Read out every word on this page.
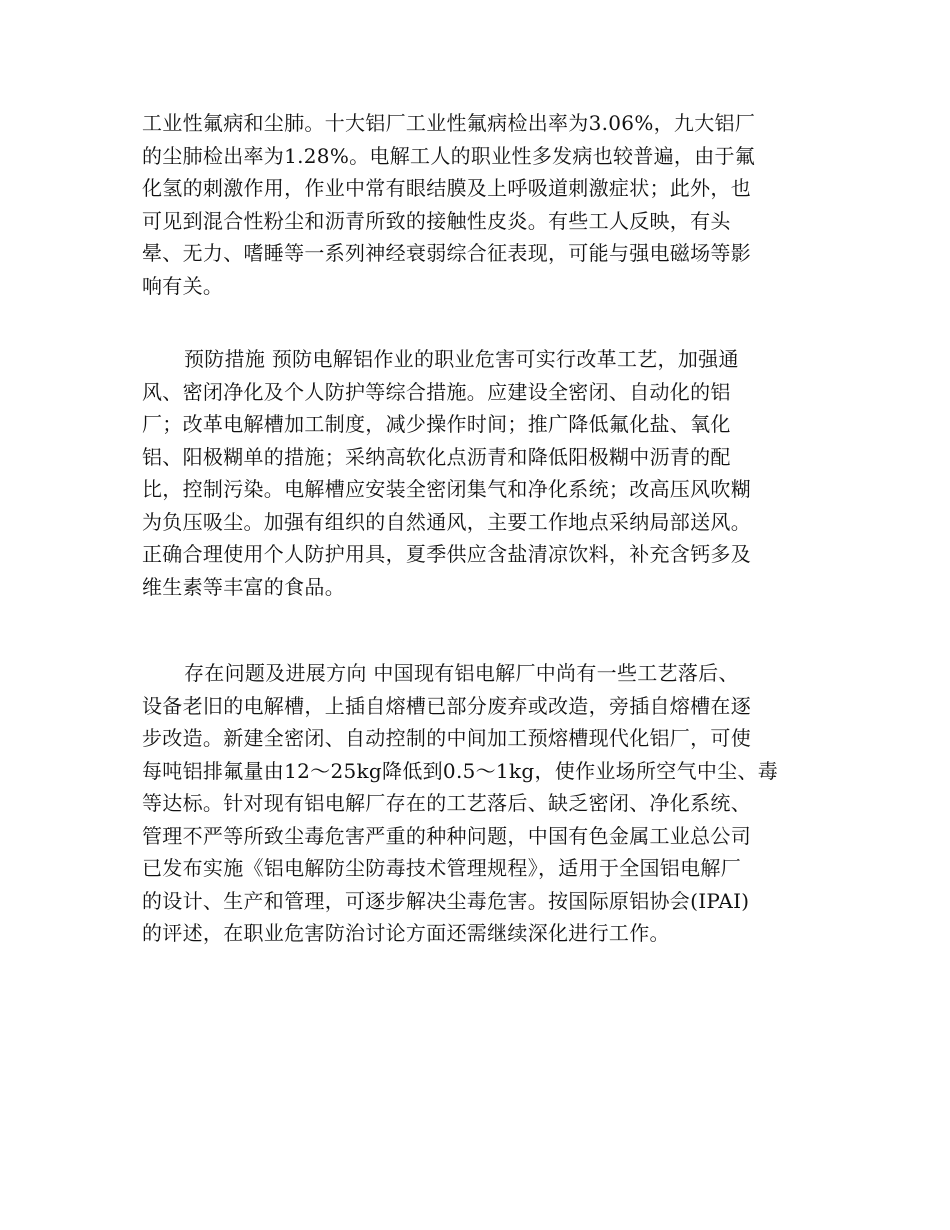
工业性氟病和尘肺。十大铝厂工业性氟病检出率为3.06%，九大铝厂
的尘肺检出率为1.28%。电解工人的职业性多发病也较普遍，由于氟
化氢的刺激作用，作业中常有眼结膜及上呼吸道刺激症状；此外，也
可见到混合性粉尘和沥青所致的接触性皮炎。有些工人反映，有头
晕、无力、嗜睡等一系列神经衰弱综合征表现，可能与强电磁场等影
响有关。

预防措施 预防电解铝作业的职业危害可实行改革工艺，加强通
风、密闭净化及个人防护等综合措施。应建设全密闭、自动化的铝
厂；改革电解槽加工制度，减少操作时间；推广降低氟化盐、氧化
铝、阳极糊单的措施；采纳高软化点沥青和降低阳极糊中沥青的配
比，控制污染。电解槽应安装全密闭集气和净化系统；改高压风吹糊
为负压吸尘。加强有组织的自然通风，主要工作地点采纳局部送风。
正确合理使用个人防护用具，夏季供应含盐清凉饮料，补充含钙多及
维生素等丰富的食品。

存在问题及进展方向 中国现有铝电解厂中尚有一些工艺落后、
设备老旧的电解槽，上插自熔槽已部分废弃或改造，旁插自熔槽在逐
步改造。新建全密闭、自动控制的中间加工预熔槽现代化铝厂，可使
每吨铝排氟量由12～25kg降低到0.5～1kg，使作业场所空气中尘、毒
等达标。针对现有铝电解厂存在的工艺落后、缺乏密闭、净化系统、
管理不严等所致尘毒危害严重的种种问题，中国有色金属工业总公司
已发布实施《铝电解防尘防毒技术管理规程》，适用于全国铝电解厂
的设计、生产和管理，可逐步解决尘毒危害。按国际原铝协会(IPAI)
的评述，在职业危害防治讨论方面还需继续深化进行工作。
